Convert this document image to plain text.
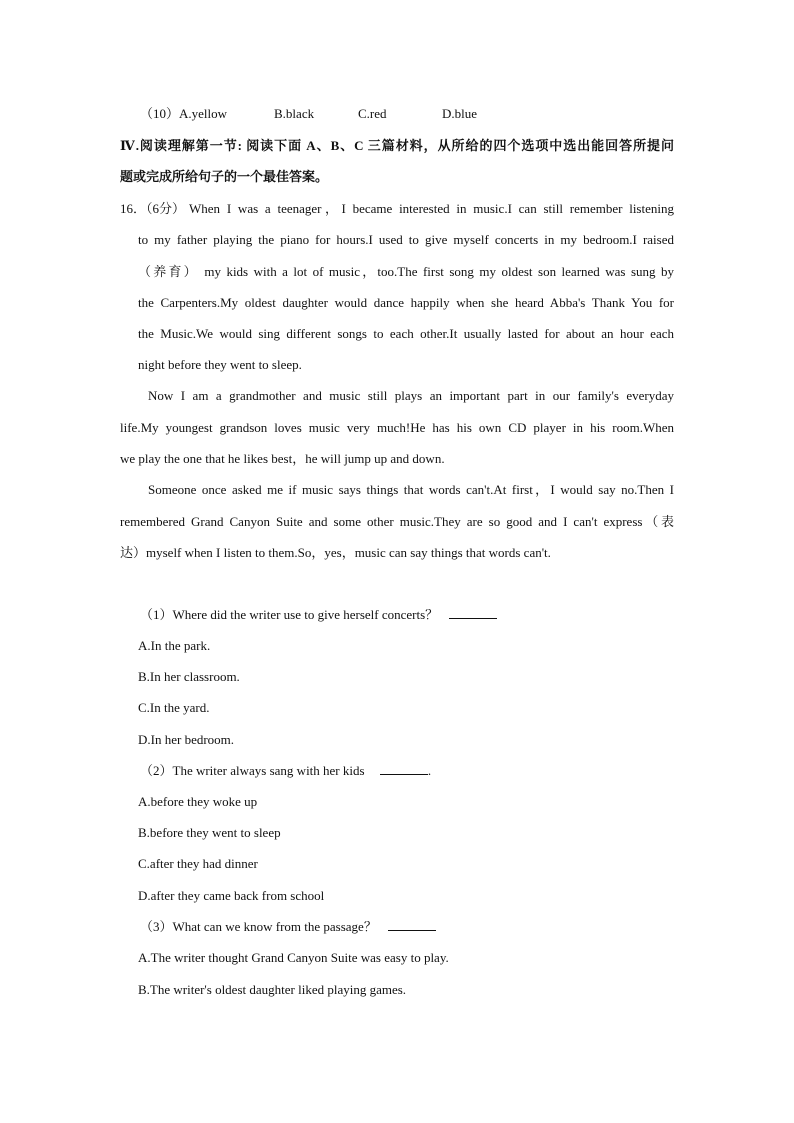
（10）A.yellow	B.black	C.red	D.blue
Ⅳ.阅读理解第一节: 阅读下面 A、B、C 三篇材料，从所给的四个选项中选出能回答所提问
题或完成所给句子的一个最佳答案。
16．（6分） When I was a teenager，I became interested in music.I can still remember listening
to my father playing the piano for hours.I used to give myself concerts in my bedroom.I raised
（养育） my kids with a lot of music，too.The first song my oldest son learned was sung by
the Carpenters.My oldest daughter would dance happily when she heard Abba's Thank You for
the Music.We would sing different songs to each other.It usually lasted for about an hour each
night before they went to sleep.
Now I am a grandmother and music still plays an important part in our family's everyday
life.My youngest grandson loves music very much!He has his own CD player in his room.When
we play the one that he likes best，he will jump up and down.
Someone once asked me if music says things that words can't.At first，I would say no.Then I
remembered Grand Canyon Suite and some other music.They are so good and I can't express（表
达）myself when I listen to them.So，yes，music can say things that words can't.
（1）Where did the writer use to give herself concerts？
A.In the park.
B.In her classroom.
C.In the yard.
D.In her bedroom.
（2）The writer always sang with her kids	.
A.before they woke up
B.before they went to sleep
C.after they had dinner
D.after they came back from school
（3）What can we know from the passage？
A.The writer thought Grand Canyon Suite was easy to play.
B.The writer's oldest daughter liked playing games.
